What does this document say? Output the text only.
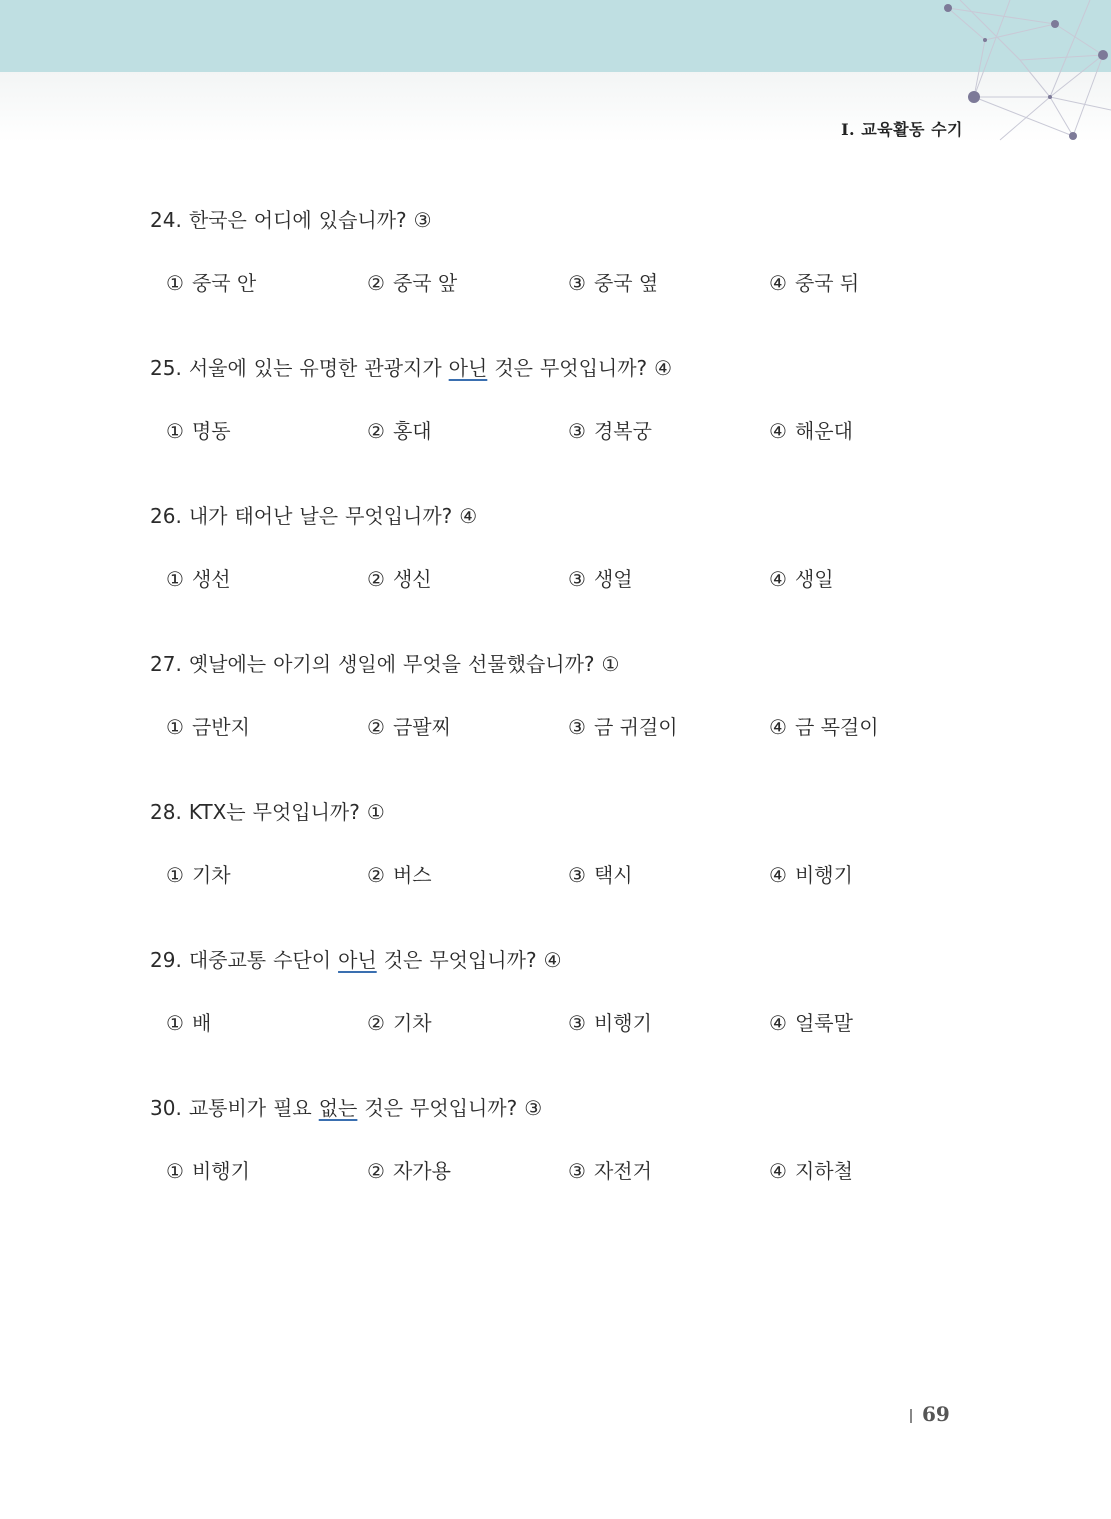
Ⅰ. 교육활동 수기
24. 한국은 어디에 있습니까? ③
① 중국 안	② 중국 앞	③ 중국 옆	④ 중국 뒤
25. 서울에 있는 유명한 관광지가 아닌 것은 무엇입니까? ④
① 명동	② 홍대	③ 경복궁	④ 해운대
26. 내가 태어난 날은 무엇입니까? ④
① 생선	② 생신	③ 생얼	④ 생일
27. 옛날에는 아기의 생일에 무엇을 선물했습니까? ①
① 금반지	② 금팔찌	③ 금 귀걸이	④ 금 목걸이
28. KTX는 무엇입니까? ①
① 기차	② 버스	③ 택시	④ 비행기
29. 대중교통 수단이 아닌 것은 무엇입니까? ④
① 배	② 기차	③ 비행기	④ 얼룩말
30. 교통비가 필요 없는 것은 무엇입니까? ③
① 비행기	② 자가용	③ 자전거	④ 지하철
69
